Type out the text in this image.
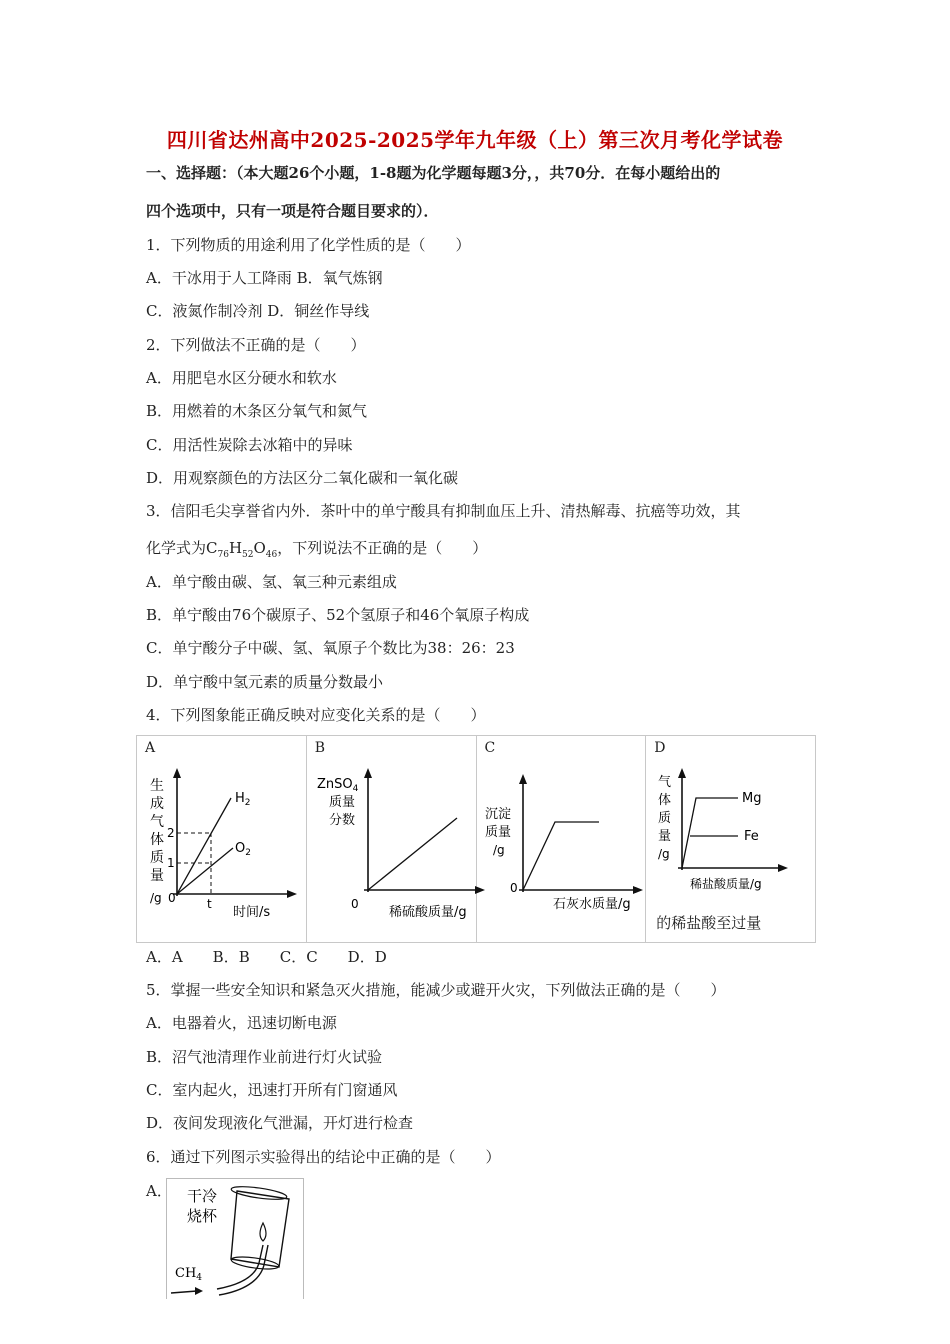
四川省达州高中2025-2025学年九年级（上）第三次月考化学试卷
一、选择题：（本大题26个小题，1-8题为化学题每题3分，，共70分．在每小题给出的
四个选项中，只有一项是符合题目要求的）．
1．下列物质的用途利用了化学性质的是（　　）
A．干冰用于人工降雨 B．氧气炼钢
C．液氮作制冷剂 D．铜丝作导线
2．下列做法不正确的是（　　）
A．用肥皂水区分硬水和软水
B．用燃着的木条区分氧气和氮气
C．用活性炭除去冰箱中的异味
D．用观察颜色的方法区分二氧化碳和一氧化碳
3．信阳毛尖享誉省内外．茶叶中的单宁酸具有抑制血压上升、清热解毒、抗癌等功效，其
化学式为$C_{76}H_{52}O_{46}$，下列说法不正确的是（　　）
A．单宁酸由碳、氢、氧三种元素组成
B．单宁酸由76个碳原子、52个氢原子和46个氧原子构成
C．单宁酸分子中碳、氢、氧原子个数比为38：26：23
D．单宁酸中氢元素的质量分数最小
4．下列图象能正确反映对应变化关系的是（　　）
A
生
成
气
体
质
量
/g
2
1
0	t
时间/s
$H_2$
$O_2$

B
ZnSO$_4$
质量
分数
0
稀硫酸质量/g

C
沉淀
质量
/g
0
石灰水质量/g

D
气
体
质
量
/g
Mg
Fe
稀盐酸质量/g
的稀盐酸至过量
A．A　　B．B　　C．C　　D．D
5．掌握一些安全知识和紧急灭火措施，能减少或避开火灾，下列做法正确的是（　　）
A．电器着火，迅速切断电源
B．沼气池清理作业前进行灯火试验
C．室内起火，迅速打开所有门窗通风
D．夜间发现液化气泄漏，开灯进行检查
6．通过下列图示实验得出的结论中正确的是（　　）
A． 干冷
烧杯
$CH_4$
